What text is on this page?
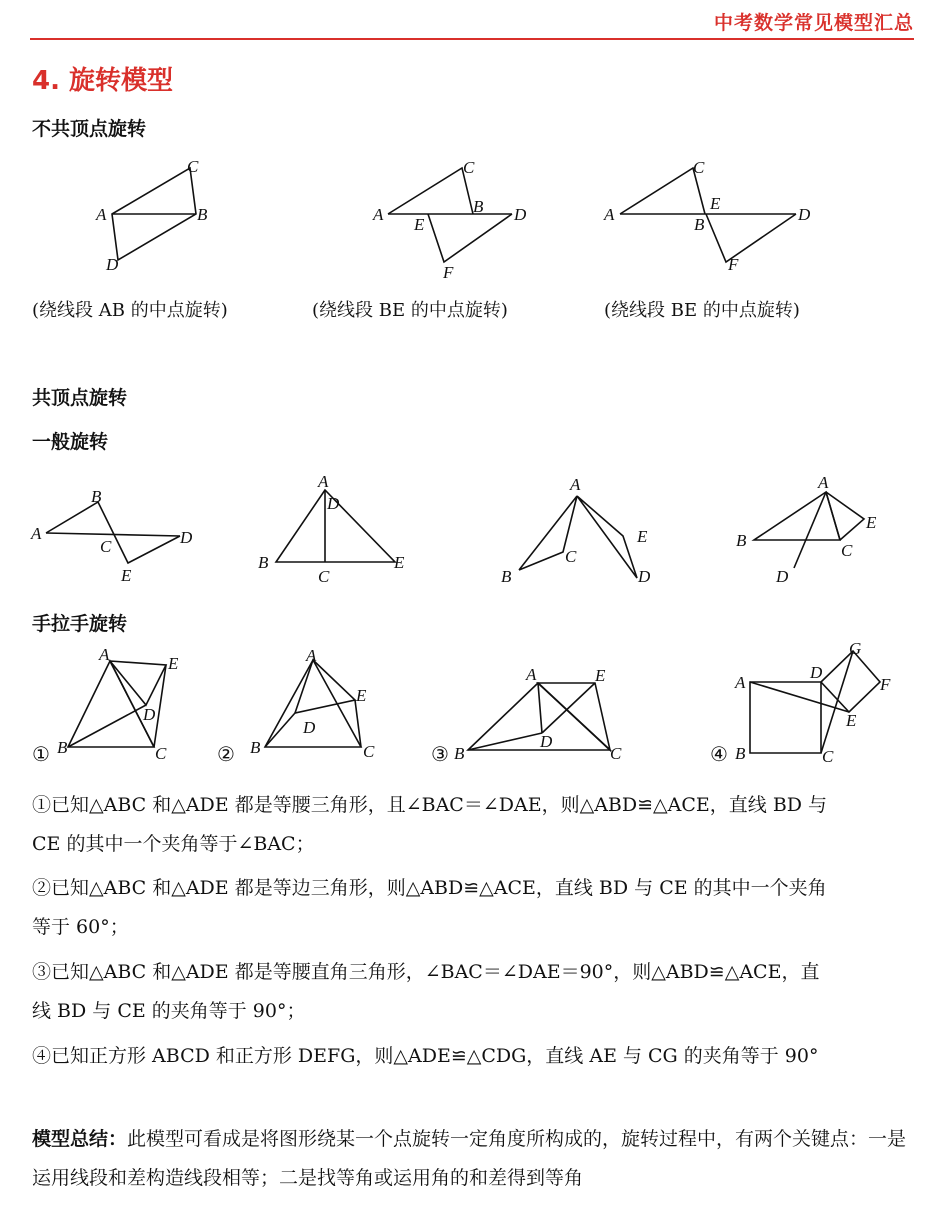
中考数学常见模型汇总
4. 旋转模型
不共顶点旋转
A
C
B
D
(绕线段 AB 的中点旋转)
A
C
B D
E
F
(绕线段 BE 的中点旋转)
A
C
E
B
D
F
(绕线段 BE 的中点旋转)
共顶点旋转
一般旋转
A
B
C	D
E
A
D
B
C
E
A
B
C
E
D
A
B
C
E
D
手拉手旋转
①
A	E
D
B	C	②
A
E
D
B	C	③
A	E
D
B	C	④
A
D
G
F
E
B	C
①已知△ABC 和△ADE 都是等腰三角形，且∠BAC＝∠DAE，则△ABD≌△ACE，直线 BD 与
CE 的其中一个夹角等于∠BAC；
②已知△ABC 和△ADE 都是等边三角形，则△ABD≌△ACE，直线 BD 与 CE 的其中一个夹角
等于 60°；
③已知△ABC 和△ADE 都是等腰直角三角形，∠BAC＝∠DAE＝90°，则△ABD≌△ACE，直
线 BD 与 CE 的夹角等于 90°；
④已知正方形 ABCD 和正方形 DEFG，则△ADE≌△CDG，直线 AE 与 CG 的夹角等于 90°
模型总结：此模型可看成是将图形绕某一个点旋转一定角度所构成的，旋转过程中，有两个关键点：一是运用线段和差构造线段相等；二是找等角或运用角的和差得到等角
